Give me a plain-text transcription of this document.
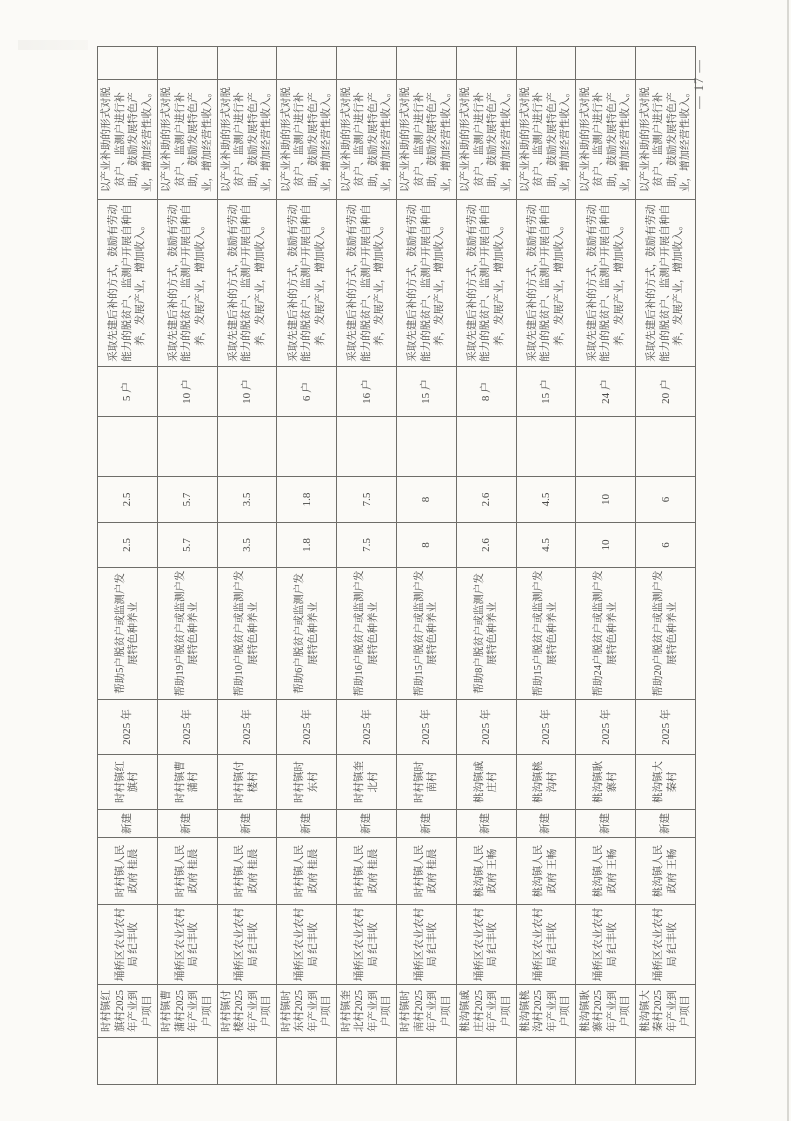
	时村镇红旗村2025年产业到户项目	埇桥区农业农村局 纪丰收	时村镇人民政府 桂晨	新建	时村镇红旗村	2025 年	帮助5户脱贫户或监测户发展特色种养业	2.5	2.5		5 户	采取先建后补的方式，鼓励有劳动能力的脱贫户、监测户开展自种自养，发展产业，增加收入。	以产业补助的形式对脱贫户、监测户进行补助，鼓励发展特色产业，增加经营性收入。	
	时村镇曹蒲村2025年产业到户项目	埇桥区农业农村局 纪丰收	时村镇人民政府 桂晨	新建	时村镇曹蒲村	2025 年	帮助19户脱贫户或监测户发展特色种养业	5.7	5.7		10 户	采取先建后补的方式，鼓励有劳动能力的脱贫户、监测户开展自种自养，发展产业，增加收入。	以产业补助的形式对脱贫户、监测户进行补助，鼓励发展特色产业，增加经营性收入。	
	时村镇付楼村2025年产业到户项目	埇桥区农业农村局 纪丰收	时村镇人民政府 桂晨	新建	时村镇付楼村	2025 年	帮助10户脱贫户或监测户发展特色种养业	3.5	3.5		10 户	采取先建后补的方式，鼓励有劳动能力的脱贫户、监测户开展自种自养，发展产业，增加收入。	以产业补助的形式对脱贫户、监测户进行补助，鼓励发展特色产业，增加经营性收入。	
	时村镇时东村2025年产业到户项目	埇桥区农业农村局 纪丰收	时村镇人民政府 桂晨	新建	时村镇时东村	2025 年	帮助6户脱贫户或监测户发展特色种养业	1.8	1.8		6 户	采取先建后补的方式，鼓励有劳动能力的脱贫户、监测户开展自种自养，发展产业，增加收入。	以产业补助的形式对脱贫户、监测户进行补助，鼓励发展特色产业，增加经营性收入。	
	时村镇奎北村2025年产业到户项目	埇桥区农业农村局 纪丰收	时村镇人民政府 桂晨	新建	时村镇奎北村	2025 年	帮助16户脱贫户或监测户发展特色种养业	7.5	7.5		16 户	采取先建后补的方式，鼓励有劳动能力的脱贫户、监测户开展自种自养，发展产业，增加收入。	以产业补助的形式对脱贫户、监测户进行补助，鼓励发展特色产业，增加经营性收入。	
	时村镇时南村2025年产业到户项目	埇桥区农业农村局 纪丰收	时村镇人民政府 桂晨	新建	时村镇时南村	2025 年	帮助15户脱贫户或监测户发展特色种养业	8	8		15 户	采取先建后补的方式，鼓励有劳动能力的脱贫户、监测户开展自种自养，发展产业，增加收入。	以产业补助的形式对脱贫户、监测户进行补助，鼓励发展特色产业，增加经营性收入。	
	桃沟镇戚庄村2025年产业到户项目	埇桥区农业农村局 纪丰收	桃沟镇人民政府 王畅	新建	桃沟镇戚庄村	2025 年	帮助8户脱贫户或监测户发展特色种养业	2.6	2.6		8 户	采取先建后补的方式，鼓励有劳动能力的脱贫户、监测户开展自种自养，发展产业，增加收入。	以产业补助的形式对脱贫户、监测户进行补助，鼓励发展特色产业，增加经营性收入。	
	桃沟镇桃沟村2025年产业到户项目	埇桥区农业农村局 纪丰收	桃沟镇人民政府 王畅	新建	桃沟镇桃沟村	2025 年	帮助15户脱贫户或监测户发展特色种养业	4.5	4.5		15 户	采取先建后补的方式，鼓励有劳动能力的脱贫户、监测户开展自种自养，发展产业，增加收入。	以产业补助的形式对脱贫户、监测户进行补助，鼓励发展特色产业，增加经营性收入。	
	桃沟镇耿寨村2025年产业到户项目	埇桥区农业农村局 纪丰收	桃沟镇人民政府 王畅	新建	桃沟镇耿寨村	2025 年	帮助24户脱贫户或监测户发展特色种养业	10	10		24 户	采取先建后补的方式，鼓励有劳动能力的脱贫户、监测户开展自种自养，发展产业，增加收入。	以产业补助的形式对脱贫户、监测户进行补助，鼓励发展特色产业，增加经营性收入。	
	桃沟镇大秦村2025年产业到户项目	埇桥区农业农村局 纪丰收	桃沟镇人民政府 王畅	新建	桃沟镇大秦村	2025 年	帮助20户脱贫户或监测户发展特色种养业	6	6		20 户	采取先建后补的方式，鼓励有劳动能力的脱贫户、监测户开展自种自养，发展产业，增加收入。	以产业补助的形式对脱贫户、监测户进行补助，鼓励发展特色产业，增加经营性收入。	
— 17 —
